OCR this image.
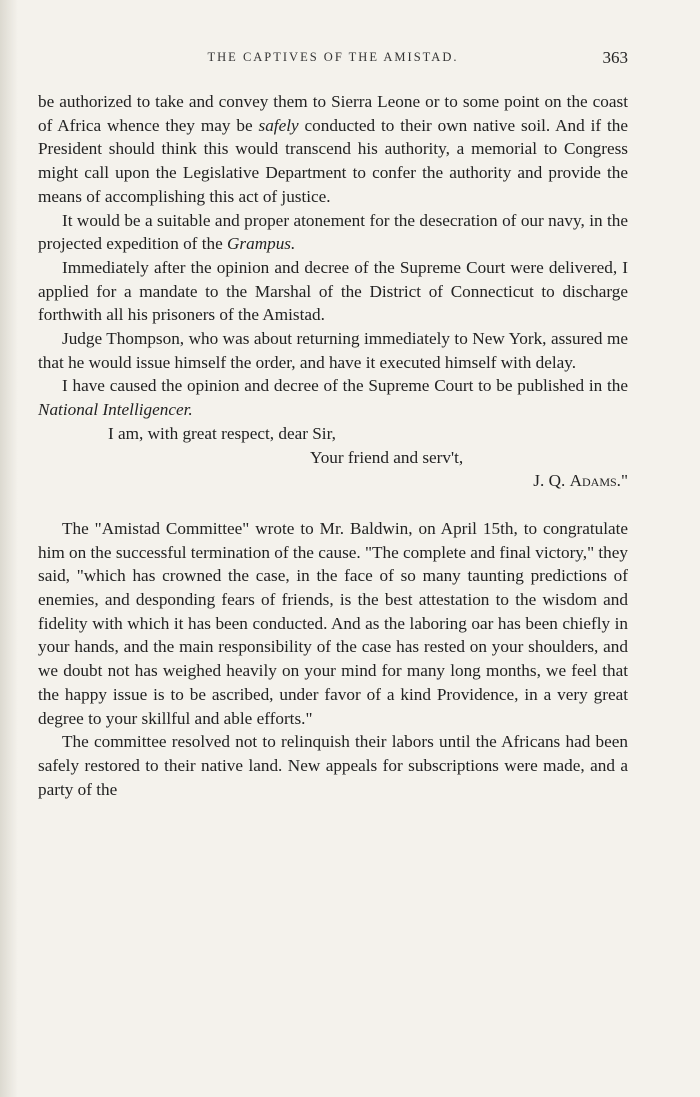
THE CAPTIVES OF THE AMISTAD.	363

be authorized to take and convey them to Sierra Leone or to some point on the coast of Africa whence they may be safely conducted to their own native soil. And if the President should think this would transcend his authority, a memorial to Congress might call upon the Legislative Department to confer the authority and provide the means of accomplishing this act of justice.

It would be a suitable and proper atonement for the desecration of our navy, in the projected expedition of the Grampus.

Immediately after the opinion and decree of the Supreme Court were delivered, I applied for a mandate to the Marshal of the District of Connecticut to discharge forthwith all his prisoners of the Amistad.

Judge Thompson, who was about returning immediately to New York, assured me that he would issue himself the order, and have it executed himself with delay.

I have caused the opinion and decree of the Supreme Court to be published in the National Intelligencer.

I am, with great respect, dear Sir,
Your friend and serv't,
J. Q. Adams."

The "Amistad Committee" wrote to Mr. Baldwin, on April 15th, to congratulate him on the successful termination of the cause. "The complete and final victory," they said, "which has crowned the case, in the face of so many taunting predictions of enemies, and desponding fears of friends, is the best attestation to the wisdom and fidelity with which it has been conducted. And as the laboring oar has been chiefly in your hands, and the main responsibility of the case has rested on your shoulders, and we doubt not has weighed heavily on your mind for many long months, we feel that the happy issue is to be ascribed, under favor of a kind Providence, in a very great degree to your skillful and able efforts."

The committee resolved not to relinquish their labors until the Africans had been safely restored to their native land. New appeals for subscriptions were made, and a party of the
